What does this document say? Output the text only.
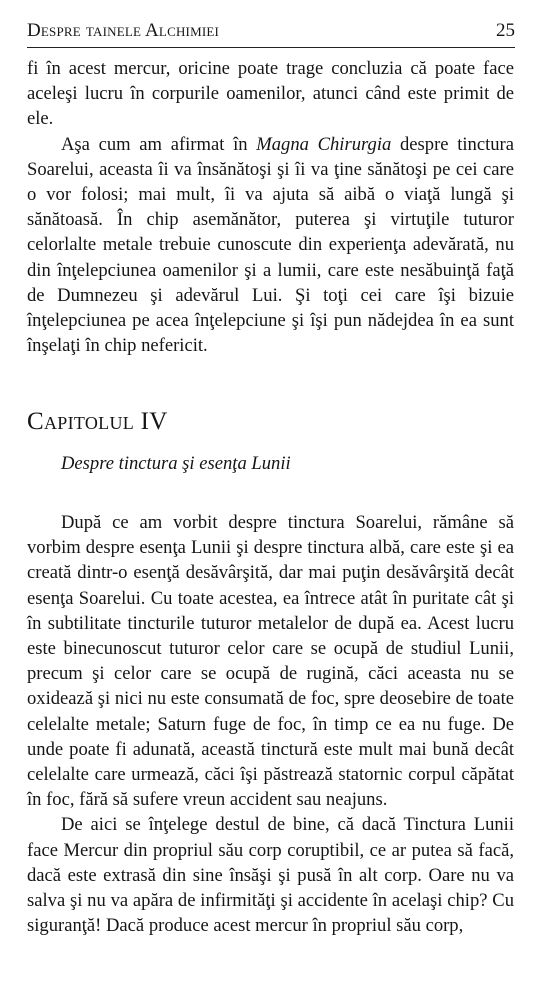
Despre tainele Alchimiei	25

fi în acest mercur, oricine poate trage concluzia că poate face aceleşi lucru în corpurile oamenilor, atunci când este primit de ele.

Aşa cum am afirmat în Magna Chirurgia despre tinctura Soarelui, aceasta îi va însănătoşi şi îi va ţine sănătoşi pe cei care o vor folosi; mai mult, îi va ajuta să aibă o viaţă lungă şi sănătoasă. În chip asemănător, puterea şi virtuţile tuturor celorlalte metale trebuie cunoscute din experienţa adevărată, nu din înţelepciunea oamenilor şi a lumii, care este nesăbuinţă faţă de Dumnezeu şi adevărul Lui. Şi toţi cei care îşi bizuie înţelepciunea pe acea înţelepciune şi îşi pun nădejdea în ea sunt înşelaţi în chip nefericit.

Capitolul IV
Despre tinctura şi esenţa Lunii

După ce am vorbit despre tinctura Soarelui, rămâne să vorbim despre esenţa Lunii şi despre tinctura albă, care este şi ea creată dintr-o esenţă desăvârşită, dar mai puţin desăvârşită decât esenţa Soarelui. Cu toate acestea, ea întrece atât în puritate cât şi în subtilitate tincturile tuturor metalelor de după ea. Acest lucru este binecunoscut tuturor celor care se ocupă de studiul Lunii, precum şi celor care se ocupă de rugină, căci aceasta nu se oxidează şi nici nu este consumată de foc, spre deosebire de toate celelalte metale; Saturn fuge de foc, în timp ce ea nu fuge. De unde poate fi adunată, această tinctură este mult mai bună decât celelalte care urmează, căci îşi păstrează statornic corpul căpătat în foc, fără să sufere vreun accident sau neajuns.

De aici se înţelege destul de bine, că dacă Tinctura Lunii face Mercur din propriul său corp coruptibil, ce ar putea să facă, dacă este extrasă din sine însăşi şi pusă în alt corp. Oare nu va salva şi nu va apăra de infirmităţi şi accidente în acelaşi chip? Cu siguranţă! Dacă produce acest mercur în propriul său corp,
